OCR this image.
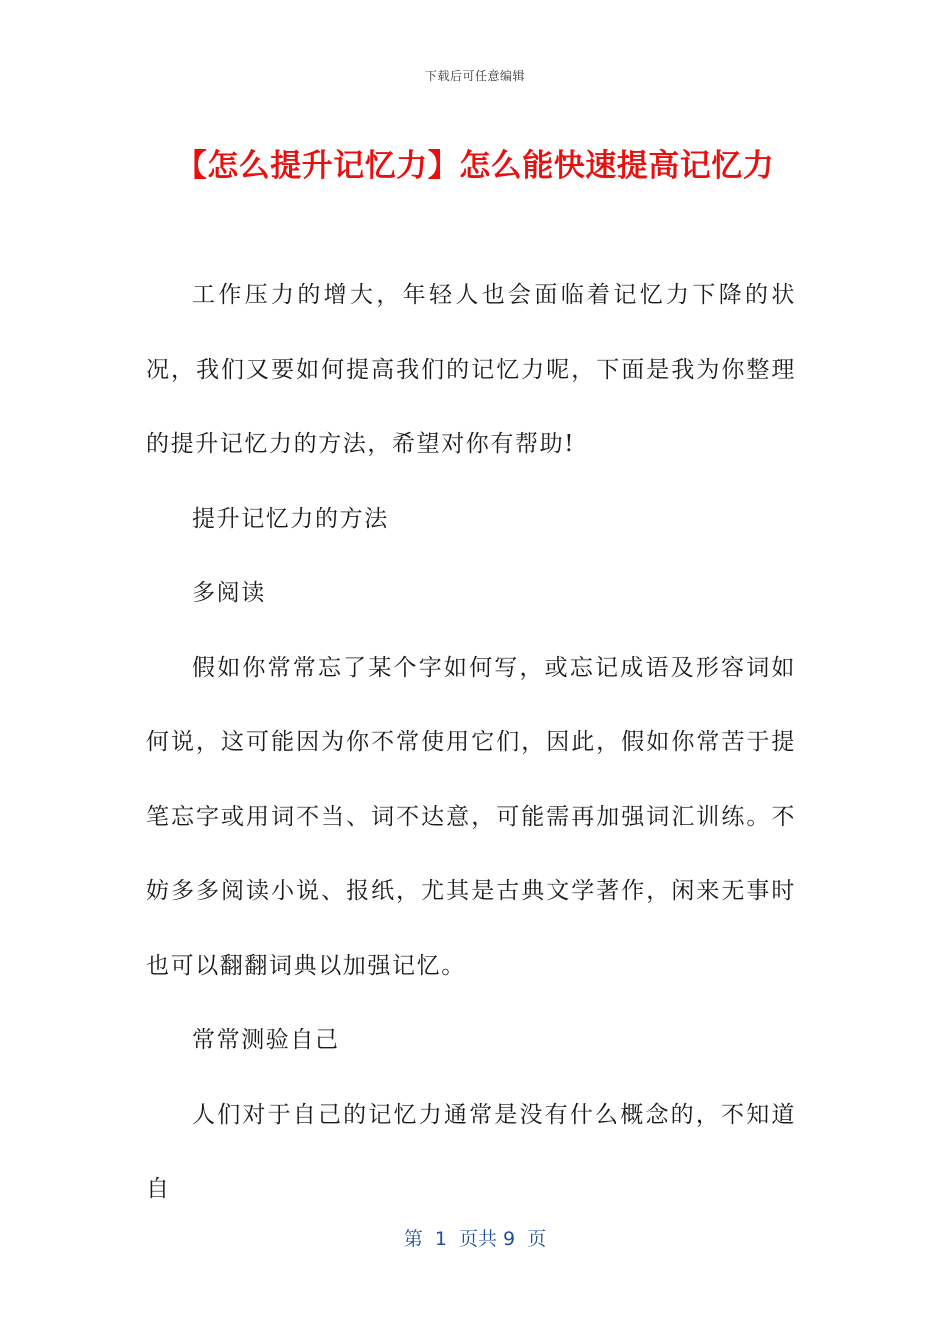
下载后可任意编辑
【怎么提升记忆力】怎么能快速提高记忆力

工作压力的增大，年轻人也会面临着记忆力下降的状况，我们又要如何提高我们的记忆力呢，下面是我为你整理的提升记忆力的方法，希望对你有帮助!

提升记忆力的方法

多阅读

假如你常常忘了某个字如何写，或忘记成语及形容词如何说，这可能因为你不常使用它们，因此，假如你常苦于提笔忘字或用词不当、词不达意，可能需再加强词汇训练。不妨多多阅读小说、报纸，尤其是古典文学著作，闲来无事时也可以翻翻词典以加强记忆。

常常测验自己

人们对于自己的记忆力通常是没有什么概念的，不知道自

第  1  页共 9  页
